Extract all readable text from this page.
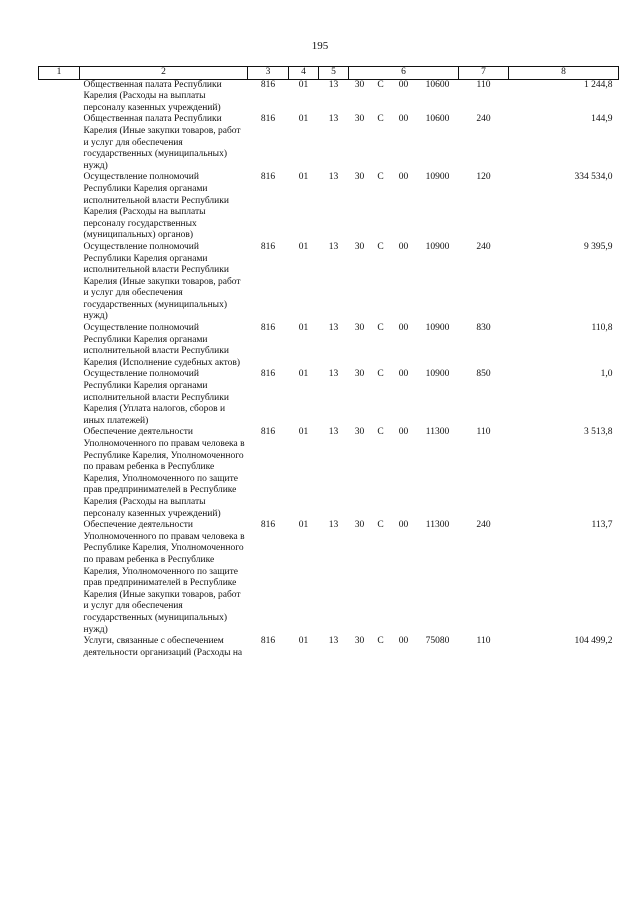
195
1	2	3	4	5	6				7	8
	Общественная палата Республики Карелия (Расходы на выплаты персоналу казенных учреждений)	816	01	13	30	С	00	10600	110	1 244,8
	Общественная палата Республики Карелия (Иные закупки товаров, работ и услуг для обеспечения государственных (муниципальных) нужд)	816	01	13	30	С	00	10600	240	144,9
	Осуществление полномочий Республики Карелия органами исполнительной власти Республики Карелия (Расходы на выплаты персоналу государственных (муниципальных) органов)	816	01	13	30	С	00	10900	120	334 534,0
	Осуществление полномочий Республики Карелия органами исполнительной власти Республики Карелия (Иные закупки товаров, работ и услуг для обеспечения государственных (муниципальных) нужд)	816	01	13	30	С	00	10900	240	9 395,9
	Осуществление полномочий Республики Карелия органами исполнительной власти Республики Карелия (Исполнение судебных актов)	816	01	13	30	С	00	10900	830	110,8
	Осуществление полномочий Республики Карелия органами исполнительной власти Республики Карелия (Уплата налогов, сборов и иных платежей)	816	01	13	30	С	00	10900	850	1,0
	Обеспечение деятельности Уполномоченного по правам человека в Республике Карелия, Уполномоченного по правам ребенка в Республике Карелия, Уполномоченного по защите прав предпринимателей в Республике Карелия (Расходы на выплаты персоналу казенных учреждений)	816	01	13	30	С	00	11300	110	3 513,8
	Обеспечение деятельности Уполномоченного по правам человека в Республике Карелия, Уполномоченного по правам ребенка в Республике Карелия, Уполномоченного по защите прав предпринимателей в Республике Карелия (Иные закупки товаров, работ и услуг для обеспечения государственных (муниципальных) нужд)	816	01	13	30	С	00	11300	240	113,7
	Услуги, связанные с обеспечением деятельности организаций (Расходы на	816	01	13	30	С	00	75080	110	104 499,2
